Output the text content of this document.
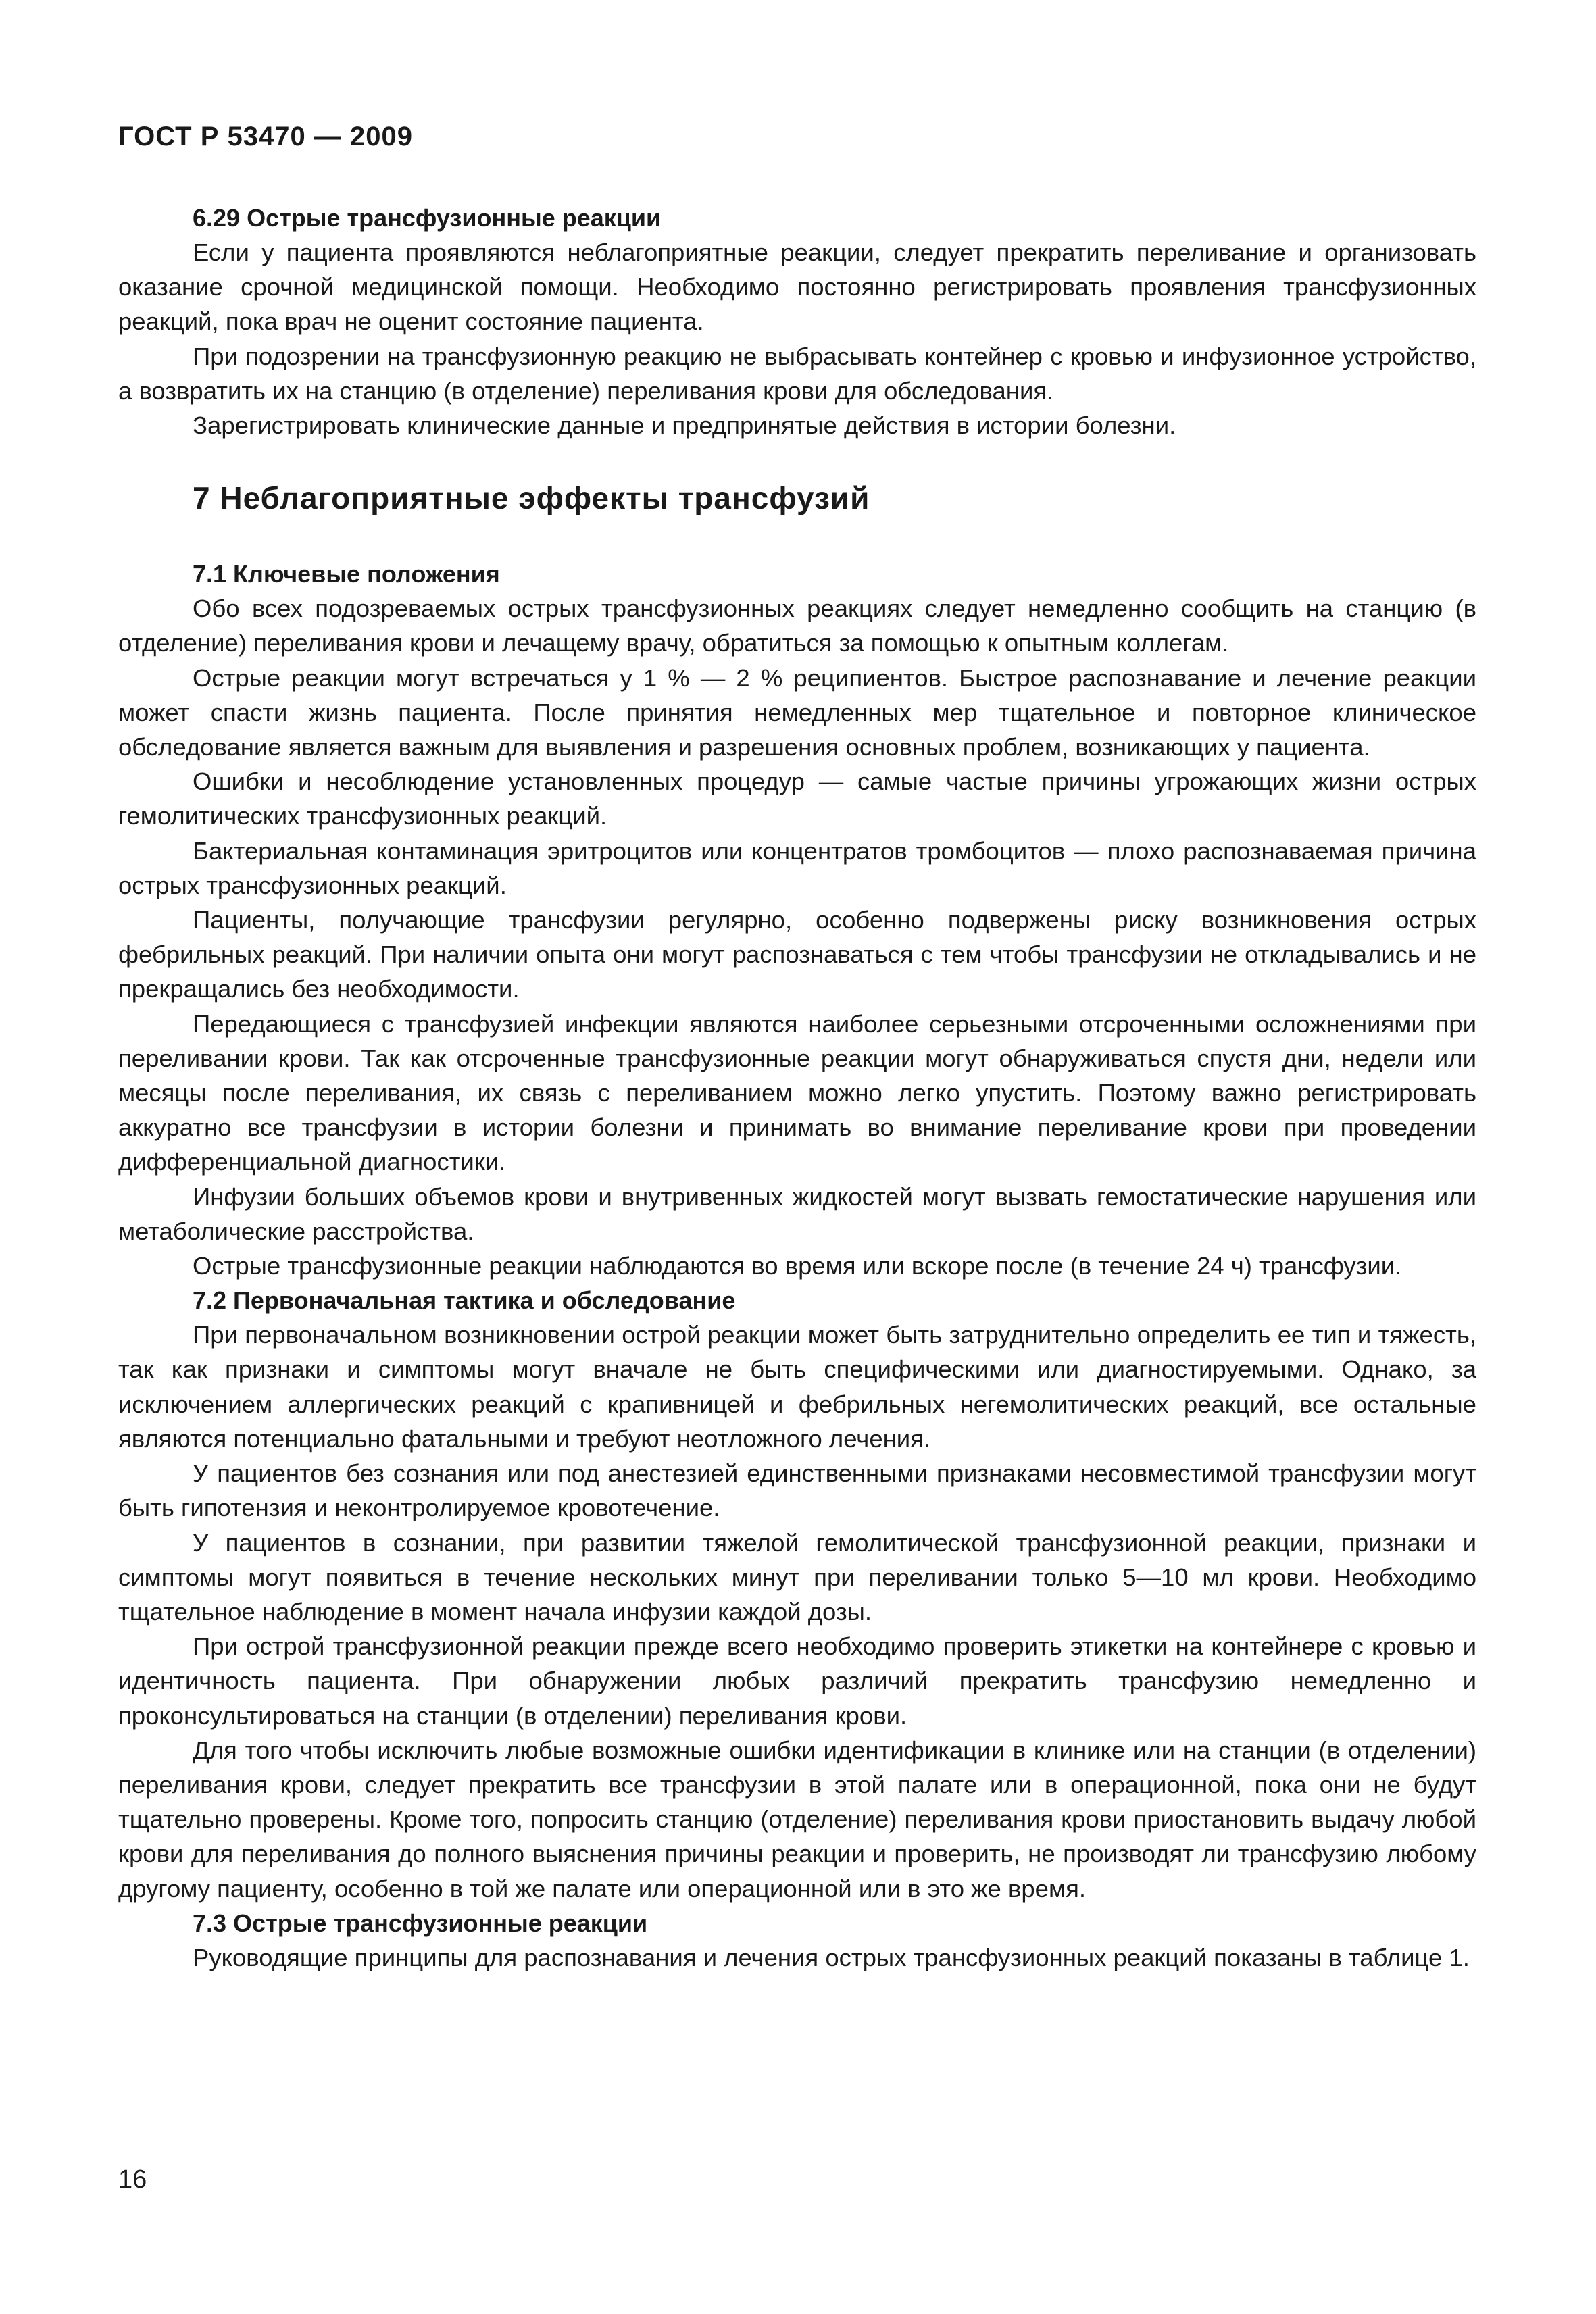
ГОСТ Р 53470 — 2009

6.29 Острые трансфузионные реакции

Если у пациента проявляются неблагоприятные реакции, следует прекратить переливание и организовать оказание срочной медицинской помощи. Необходимо постоянно регистрировать проявления трансфузионных реакций, пока врач не оценит состояние пациента.

При подозрении на трансфузионную реакцию не выбрасывать контейнер с кровью и инфузионное устройство, а возвратить их на станцию (в отделение) переливания крови для обследования.

Зарегистрировать клинические данные и предпринятые действия в истории болезни.

7 Неблагоприятные эффекты трансфузий

7.1 Ключевые положения

Обо всех подозреваемых острых трансфузионных реакциях следует немедленно сообщить на станцию (в отделение) переливания крови и лечащему врачу, обратиться за помощью к опытным коллегам.

Острые реакции могут встречаться у 1 % — 2 % реципиентов. Быстрое распознавание и лечение реакции может спасти жизнь пациента. После принятия немедленных мер тщательное и повторное клиническое обследование является важным для выявления и разрешения основных проблем, возникающих у пациента.

Ошибки и несоблюдение установленных процедур — самые частые причины угрожающих жизни острых гемолитических трансфузионных реакций.

Бактериальная контаминация эритроцитов или концентратов тромбоцитов — плохо распознаваемая причина острых трансфузионных реакций.

Пациенты, получающие трансфузии регулярно, особенно подвержены риску возникновения острых фебрильных реакций. При наличии опыта они могут распознаваться с тем чтобы трансфузии не откладывались и не прекращались без необходимости.

Передающиеся с трансфузией инфекции являются наиболее серьезными отсроченными осложнениями при переливании крови. Так как отсроченные трансфузионные реакции могут обнаруживаться спустя дни, недели или месяцы после переливания, их связь с переливанием можно легко упустить. Поэтому важно регистрировать аккуратно все трансфузии в истории болезни и принимать во внимание переливание крови при проведении дифференциальной диагностики.

Инфузии больших объемов крови и внутривенных жидкостей могут вызвать гемостатические нарушения или метаболические расстройства.

Острые трансфузионные реакции наблюдаются во время или вскоре после (в течение 24 ч) трансфузии.

7.2 Первоначальная тактика и обследование

При первоначальном возникновении острой реакции может быть затруднительно определить ее тип и тяжесть, так как признаки и симптомы могут вначале не быть специфическими или диагностируемыми. Однако, за исключением аллергических реакций с крапивницей и фебрильных негемолитических реакций, все остальные являются потенциально фатальными и требуют неотложного лечения.

У пациентов без сознания или под анестезией единственными признаками несовместимой трансфузии могут быть гипотензия и неконтролируемое кровотечение.

У пациентов в сознании, при развитии тяжелой гемолитической трансфузионной реакции, признаки и симптомы могут появиться в течение нескольких минут при переливании только 5—10 мл крови. Необходимо тщательное наблюдение в момент начала инфузии каждой дозы.

При острой трансфузионной реакции прежде всего необходимо проверить этикетки на контейнере с кровью и идентичность пациента. При обнаружении любых различий прекратить трансфузию немедленно и проконсультироваться на станции (в отделении) переливания крови.

Для того чтобы исключить любые возможные ошибки идентификации в клинике или на станции (в отделении) переливания крови, следует прекратить все трансфузии в этой палате или в операционной, пока они не будут тщательно проверены. Кроме того, попросить станцию (отделение) переливания крови приостановить выдачу любой крови для переливания до полного выяснения причины реакции и проверить, не производят ли трансфузию любому другому пациенту, особенно в той же палате или операционной или в это же время.

7.3 Острые трансфузионные реакции

Руководящие принципы для распознавания и лечения острых трансфузионных реакций показаны в таблице 1.

16
